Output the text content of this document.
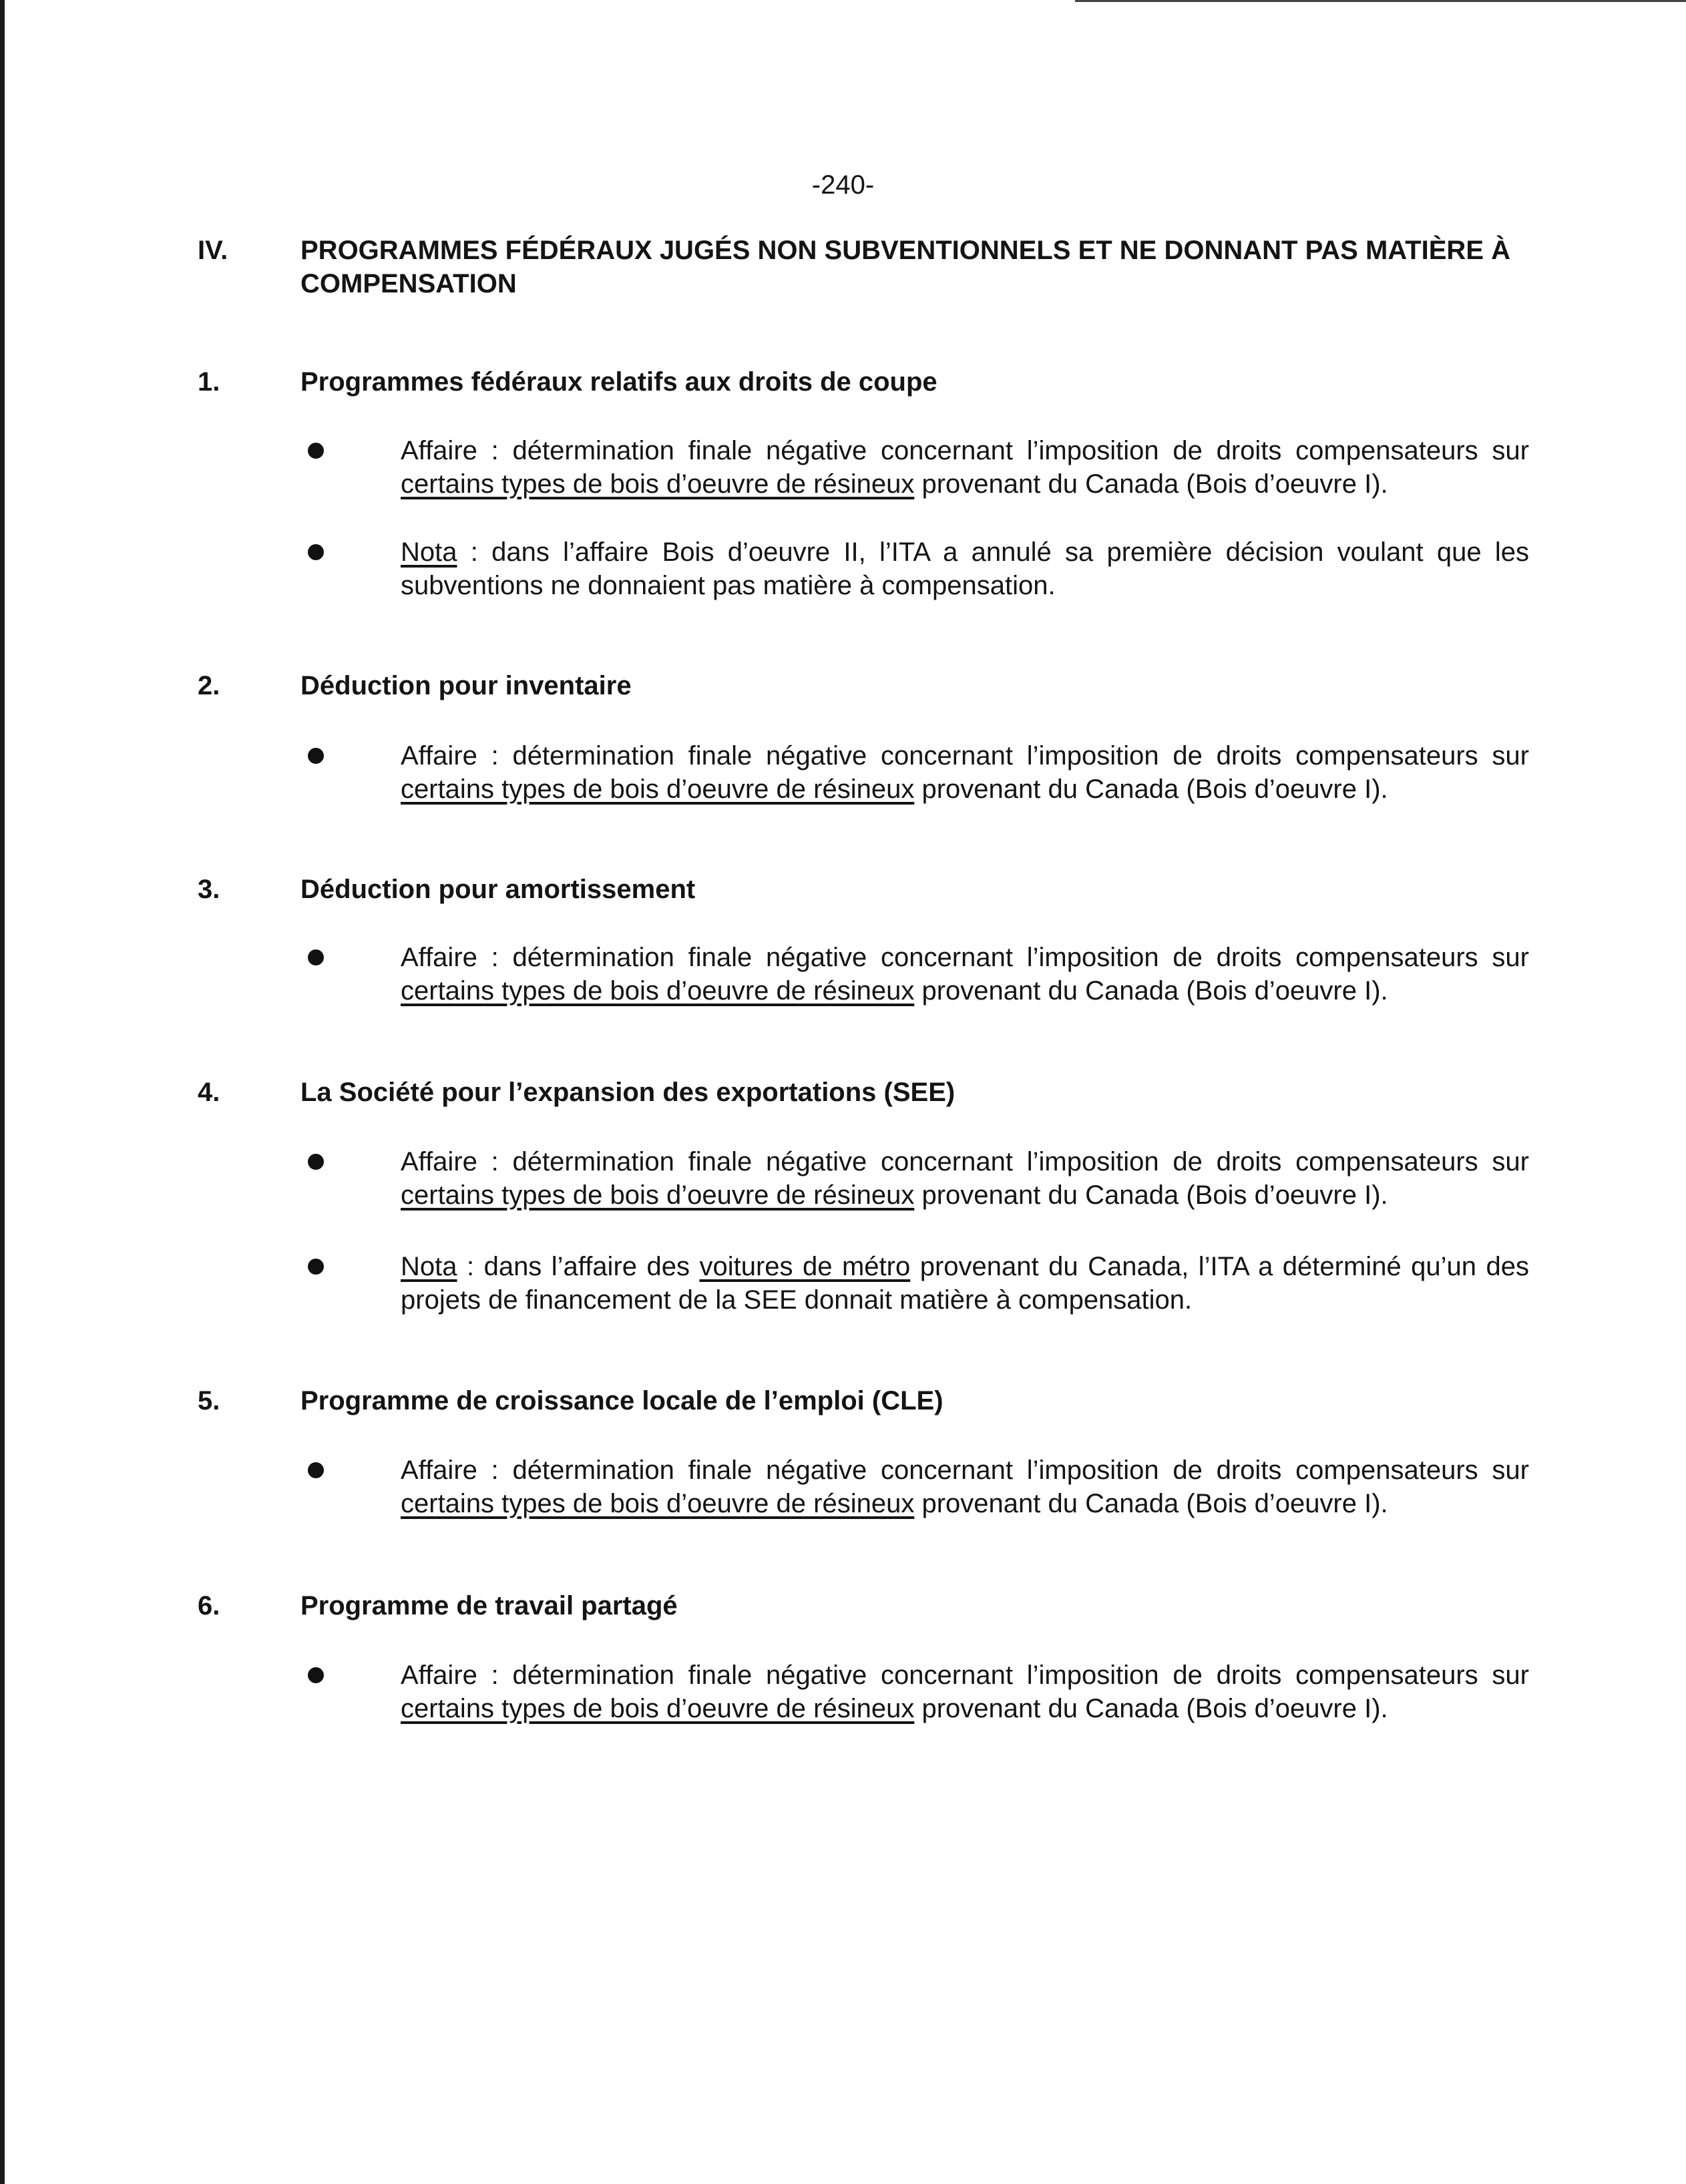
-240-
IV.	PROGRAMMES FÉDÉRAUX JUGÉS NON SUBVENTIONNELS ET NE DONNANT PAS MATIÈRE À COMPENSATION
1.	Programmes fédéraux relatifs aux droits de coupe
Affaire : détermination finale négative concernant l’imposition de droits compensateurs sur certains types de bois d’oeuvre de résineux provenant du Canada (Bois d’oeuvre I).
Nota : dans l’affaire Bois d’oeuvre II, l’ITA a annulé sa première décision voulant que les subventions ne donnaient pas matière à compensation.
2.	Déduction pour inventaire
Affaire : détermination finale négative concernant l’imposition de droits compensateurs sur certains types de bois d’oeuvre de résineux provenant du Canada (Bois d’oeuvre I).
3.	Déduction pour amortissement
Affaire : détermination finale négative concernant l’imposition de droits compensateurs sur certains types de bois d’oeuvre de résineux provenant du Canada (Bois d’oeuvre I).
4.	La Société pour l’expansion des exportations (SEE)
Affaire : détermination finale négative concernant l’imposition de droits compensateurs sur certains types de bois d’oeuvre de résineux provenant du Canada (Bois d’oeuvre I).
Nota : dans l’affaire des voitures de métro provenant du Canada, l’ITA a déterminé qu’un des projets de financement de la SEE donnait matière à compensation.
5.	Programme de croissance locale de l’emploi (CLE)
Affaire : détermination finale négative concernant l’imposition de droits compensateurs sur certains types de bois d’oeuvre de résineux provenant du Canada (Bois d’oeuvre I).
6.	Programme de travail partagé
Affaire : détermination finale négative concernant l’imposition de droits compensateurs sur certains types de bois d’oeuvre de résineux provenant du Canada (Bois d’oeuvre I).
